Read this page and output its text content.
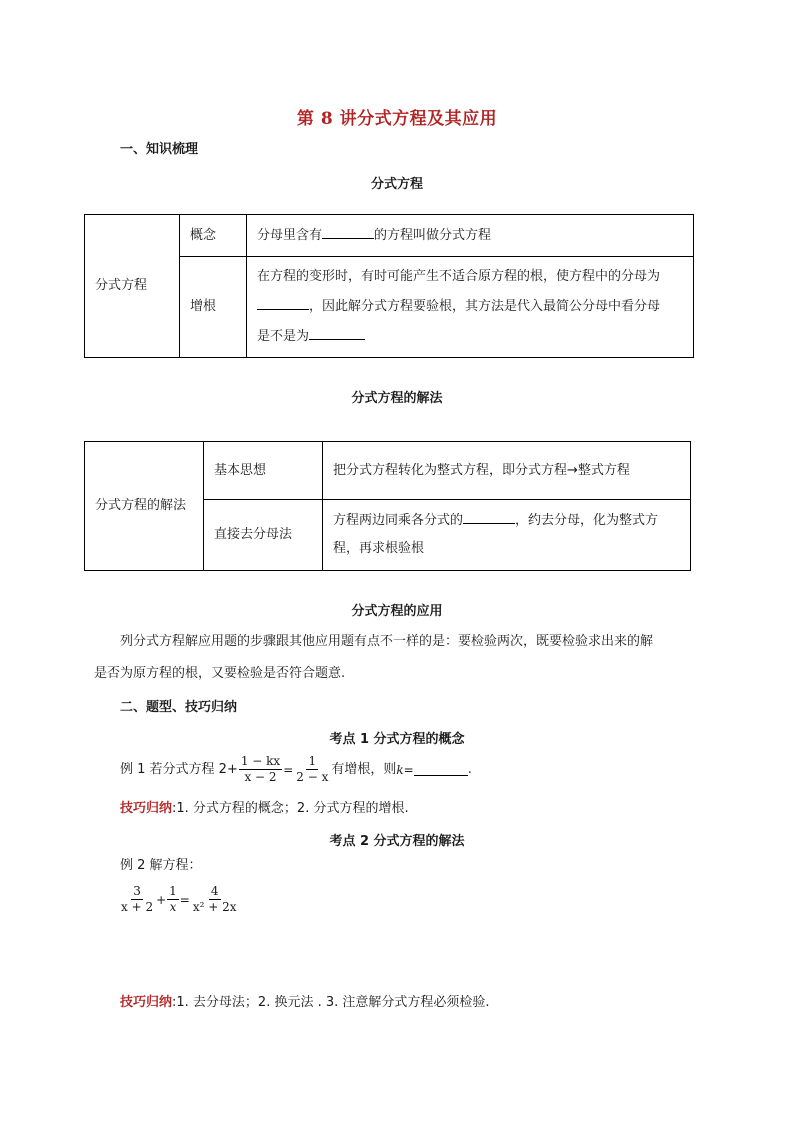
第 8 讲分式方程及其应用
一、知识梳理
分式方程
分式方程	概念	分母里含有 的方程叫做分式方程
	增根	在方程的变形时，有时可能产生不适合原方程的根，使方程中的分母为
，因此解分式方程要验根，其方法是代入最简公分母中看分母
是不是为
分式方程的解法
分式方程的解法	基本思想	把分式方程转化为整式方程，即分式方程→整式方程
	直接去分母法	方程两边同乘各分式的 ，约去分母，化为整式方
程，再求根验根
分式方程的应用
列分式方程解应用题的步骤跟其他应用题有点不一样的是：要检验两次，既要检验求出来的解
是否为原方程的根，又要检验是否符合题意.
二、题型、技巧归纳
考点 1 分式方程的概念
例 1 若分式方程 $2+ \frac{1 - kx}{x - 2} = \frac{1}{2 - x}$ 有增根，则 k =	.
技巧归纳:1. 分式方程的概念；2. 分式方程的增根.
考点 2 分式方程的解法
例 2 解方程：
$\frac{3}{x + 2} + \frac{1}{x} = \frac{4}{\text{x² + 2x}}$
技巧归纳:1. 去分母法；2. 换元法 . 3. 注意解分式方程必须检验.
